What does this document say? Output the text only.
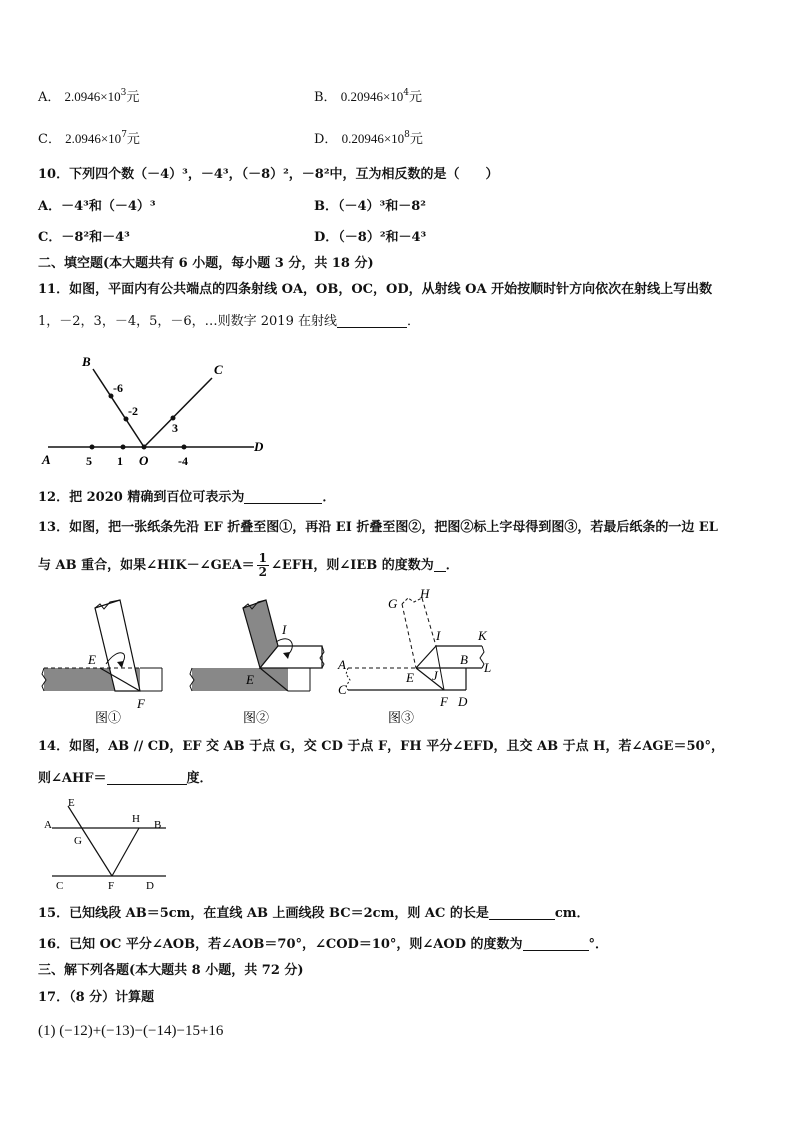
A． $2.0946\times 10^3$元	B． $0.20946\times 10^4$元
C． $2.0946\times 10^7$元	D． $0.20946\times 10^8$元
10．下列四个数（－4）³，－4³，（－8）²，－8²中，互为相反数的是（　　）
A．－4³和（－4）³	B．（－4）³和－8²
C．－8²和－4³	D．（－8）²和－4³
二、填空题(本大题共有 6 小题，每小题 3 分，共 18 分)
11．如图，平面内有公共端点的四条射线 OA，OB，OC，OD，从射线 OA 开始按顺时针方向依次在射线上写出数
1，－2，3，－4，5，－6，…则数字 2019 在射线	．
A
B
C
D
O
5 1	-4
3
-2
-6
12．把 2020 精确到百位可表示为	．
13．如图，把一张纸条先沿 EF 折叠至图①，再沿 EI 折叠至图②，把图②标上字母得到图③，若最后纸条的一边 EL
与 AB 重合，如果∠HIK－∠GEA＝ $\frac{1}{2}$ ∠EFH，则∠IEB 的度数为 ．
E
F
图①
I
E
图②
G
H
I	K
A	B
L
C
E J
F D
图③
14．如图，AB // CD，EF 交 AB 于点 G，交 CD 于点 F，FH 平分∠EFD，且交 AB 于点 H，若∠AGE＝50°，
则∠AHF＝	度．
E
A	H B
G
C	F	D
15．已知线段 AB＝5cm，在直线 AB 上画线段 BC＝2cm，则 AC 的长是	cm．
16．已知 OC 平分∠AOB，若∠AOB＝70°，∠COD＝10°，则∠AOD 的度数为	°．
三、解下列各题(本大题共 8 小题，共 72 分)
17．（8 分）计算题
(1) (−12)+(−13)−(−14)−15+16
